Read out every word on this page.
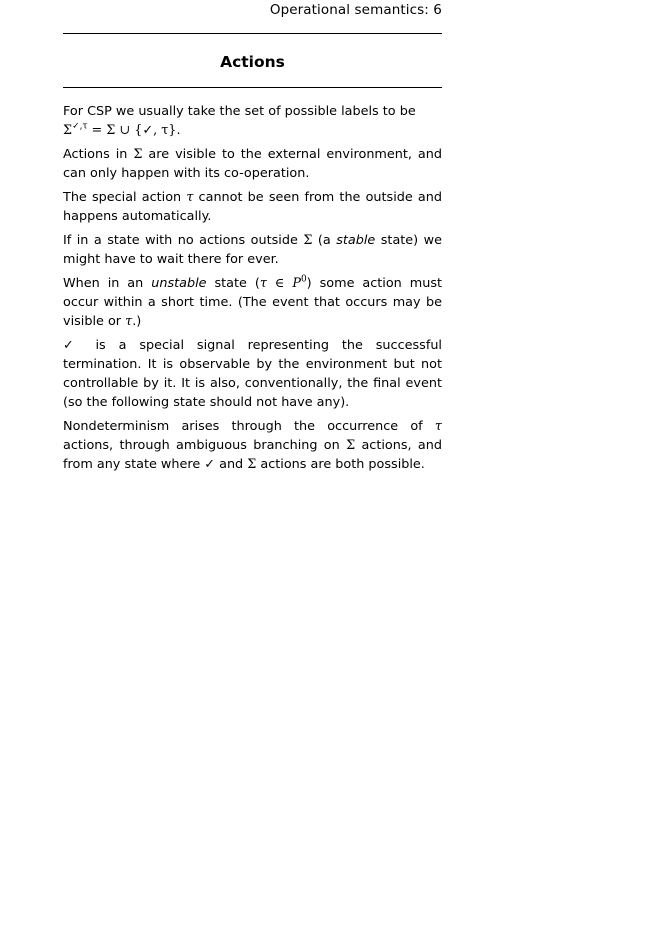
Operational semantics: 6
Actions

For CSP we usually take the set of possible labels to be
$\Sigma^{✓,\tau} = \Sigma$ ∪ {✓, τ}.

Actions in Σ are visible to the external environment, and can only happen with its co-operation.

The special action τ cannot be seen from the outside and happens automatically.

If in a state with no actions outside Σ (a stable state) we might have to wait there for ever.

When in an unstable state (τ ∈ $P^0$) some action must occur within a short time. (The event that occurs may be visible or τ.)

✓ is a special signal representing the successful termination. It is observable by the environment but not controllable by it. It is also, conventionally, the final event (so the following state should not have any).

Nondeterminism arises through the occurrence of τ actions, through ambiguous branching on Σ actions, and from any state where ✓ and Σ actions are both possible.
